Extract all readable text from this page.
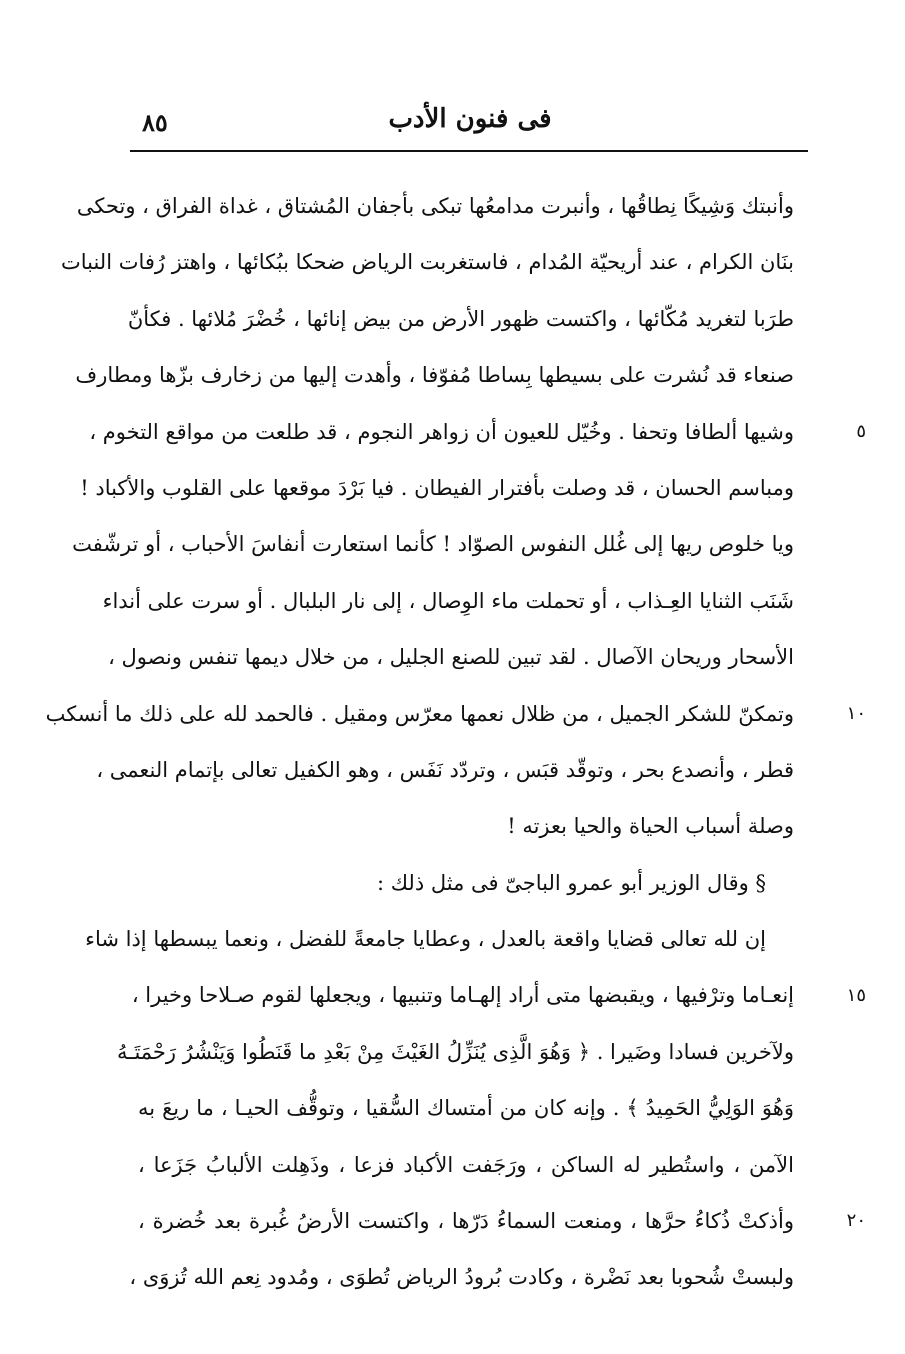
٨٥	فى فنون الأدب
وأنبتك وَشِيكًا نِطاقُها ، وأنبرت مدامعُها تبكى بأجفان المُشتاق ، غداة الفراق ، وتحكى
بنَان الكرام ، عند أريحيّة المُدام ، فاستغربت الرياض ضحكا ببُكائها ، واهتز رُفات النبات
طرَبا لتغريد مُكّائها ، واكتست ظهور الأرض من بيض إنائها ، خُضْرَ مُلائها . فكأنّ
صنعاء قد نُشرت على بسيطها بِساطا مُفوّفا ، وأهدت إليها من زخارف بزّها ومطارف
وشيها ألطافا وتحفا . وخُيّل للعيون أن زواهر النجوم ، قد طلعت من مواقع التخوم ،
ومباسم الحسان ، قد وصلت بأفترار الفيطان . فيا بَرْدَ موقعها على القلوب والأكباد !
ويا خلوص ريها إلى غُلل النفوس الصوّاد ! كأنما استعارت أنفاسَ الأحباب ، أو ترشّفت
شَنَب الثنايا العِـذاب ، أو تحملت ماء الوِصال ، إلى نار البلبال . أو سرت على أنداء
الأسحار وريحان الآصال . لقد تبين للصنع الجليل ، من خلال ديمها تنفس ونصول ،
وتمكنّ للشكر الجميل ، من ظلال نعمها معرّس ومقيل . فالحمد لله على ذلك ما أنسكب
قطر ، وأنصدع بحر ، وتوقّد قبَس ، وتردّد نَفَس ، وهو الكفيل تعالى بإتمام النعمى ،
وصلة أسباب الحياة والحيا بعزته !
§ وقال الوزير أبو عمرو الباجىّ فى مثل ذلك :
إن لله تعالى قضايا واقعة بالعدل ، وعطايا جامعةً للفضل ، ونعما يبسطها إذا شاء
إنعـاما وترْفيها ، ويقبضها متى أراد إلهـاما وتنبيها ، ويجعلها لقوم صـلاحا وخيرا ،
ولآخرين فسادا وضَيرا . ﴿ وَهُوَ الَّذِى يُنَزِّلُ الغَيْثَ مِنْ بَعْدِ ما قَنَطُوا وَيَنْشُرُ رَحْمَتَـهُ
وَهُوَ الوَلِيُّ الحَمِيدُ ﴾ . وإنه كان من أمتساك السُّقيا ، وتوقُّف الحيـا ، ما ريعَ به
الآمن ، واستُطير له الساكن ، ورَجَفت الأكباد فزعا ، وذَهِلت الألبابُ جَزَعا ،
وأذكتْ ذُكاءُ حرَّها ، ومنعت السماءُ دَرّها ، واكتست الأرضُ غُبرة بعد خُضرة ،
ولبستْ شُحوبا بعد نَضْرة ، وكادت بُرودُ الرياض تُطوَى ، ومُدود نِعم الله تُزوَى ،
٥
١٠
١٥
٢٠
